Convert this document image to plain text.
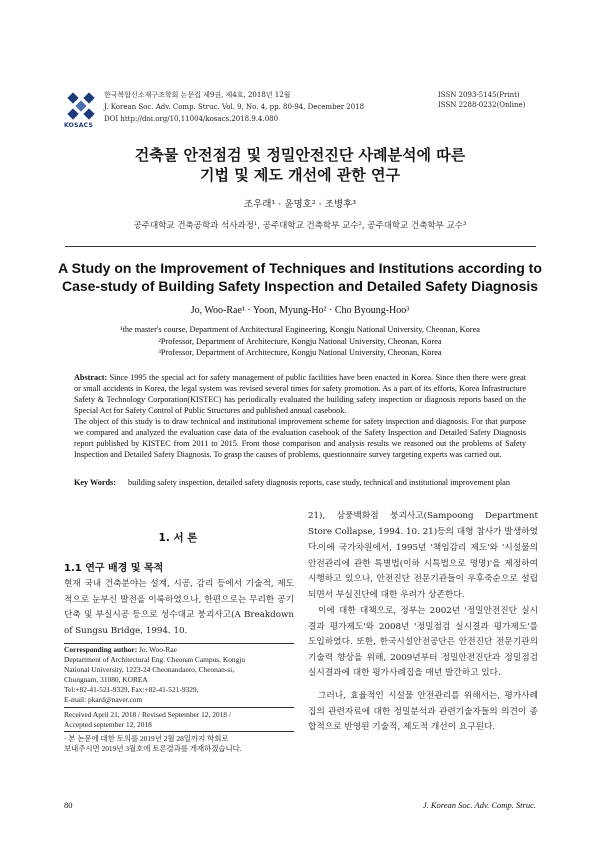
KOSACS
한국복합신소재구조학회 논문집 제9권, 제4호, 2018년 12월
J. Korean Soc. Adv. Comp. Struc. Vol. 9, No. 4, pp. 80-94, December 2018
DOI http://doi.org/10.11004/kosacs.2018.9.4.080
ISSN 2093-5145(Print)
ISSN 2288-0232(Online)
건축물 안전점검 및 정밀안전진단 사례분석에 따른
기법 및 제도 개선에 관한 연구
조우래¹ · 윤명호² · 조병후³
공주대학교 건축공학과 석사과정¹, 공주대학교 건축학부 교수², 공주대학교 건축학부 교수³
A Study on the Improvement of Techniques and Institutions according to
Case-study of Building Safety Inspection and Detailed Safety Diagnosis
Jo, Woo-Rae¹ · Yoon, Myung-Ho² · Cho Byoung-Hoo³
¹the master's course, Department of Architectural Engineering, Kongju National University, Cheonan, Korea
²Professor, Department of Architecture, Kongju National University, Cheonan, Korea
³Professor, Department of Architecture, Kongju National University, Cheonan, Korea
Abstract: Since 1995 the special act for safety management of public facilities have been enacted in Korea. Since then there were great or small accidents in Korea, the legal system was revised several times for safety promotion. As a part of its efforts, Korea Infrastructure Safety & Technology Corporation(KISTEC) has periodically evaluated the building safety inspection or diagnosis reports based on the Special Act for Safety Control of Public Structures and published annual casebook.
The object of this study is to draw technical and institutional improvement scheme for safety inspection and diagnosis. For that purpose we compared and analyzed the evaluation case data of the evaluation casebook of the Safety Inspection and Detailed Safety Diagnosis report published by KISTEC from 2011 to 2015. From those comparison and analysis results we reasoned out the problems of Safety Inspection and Detailed Safety Diagnosis. To grasp the causes of problems, questionnaire survey targeting experts was carried out.
Key Words: building safety inspection, detailed safety diagnosis reports, case study, technical and institutional improvement plan
1. 서 론
1.1 연구 배경 및 목적
현재 국내 건축분야는 설계, 시공, 감리 등에서 기술적, 제도적으로 눈부신 발전을 이룩하였으나, 한편으로는 무리한 공기단축 및 부실시공 등으로 성수대교 붕괴사고(A Breakdown of Sungsu Bridge, 1994. 10.
Corresponding author: Jo, Woo-Rae
Deptartment of Architectural Eng. Cheonan Campus, Kongju
National University, 1223-24 Cheonandaero, Cheonan-si,
Chungnam, 31080, KOREA
Tel:+82-41-521-9329, Fax:+82-41-521-9329,
E-mail: pkard@naver.com
Received April 21, 2018 / Revised September 12, 2018 /
Accepted september 12, 2018
· 본 논문에 대한 토의를 2019년 2월 28일까지 학회로
보내주시면 2019년 3월호에 토론결과를 게재하겠습니다.
21), 삼풍백화점 붕괴사고(Sampoong Department Store Collapse, 1994. 10. 21)등의 대형 참사가 발생하였다.
이에 국가차원에서, 1995년 '책임감리 제도'와 '시설물의 안전관리에 관한 특별법(이하 시특법으로 명명)'을 제정하여 시행하고 있으나, 안전진단 전문기관들이 우후죽순으로 설립되면서 부실진단에 대한 우려가 상존한다.
이에 대한 대책으로, 정부는 2002년 '정밀안전진단 실시결과 평가제도'와 2008년 '정밀점검 실시결과 평가제도'를 도입하였다. 또한, 한국시설안전공단은 안전진단 전문기관의 기술력 향상을 위해, 2009년부터 정밀안전진단과 정밀점검 실시결과에 대한 평가사례집을 매년 발간하고 있다.
그러나, 효율적인 시설물 안전관리를 위해서는, 평가사례집의 관련자료에 대한 정밀분석과 관련기술자들의 의견이 종합적으로 반영된 기술적, 제도적 개선이 요구된다.
80	J. Korean Soc. Adv. Comp. Struc.
